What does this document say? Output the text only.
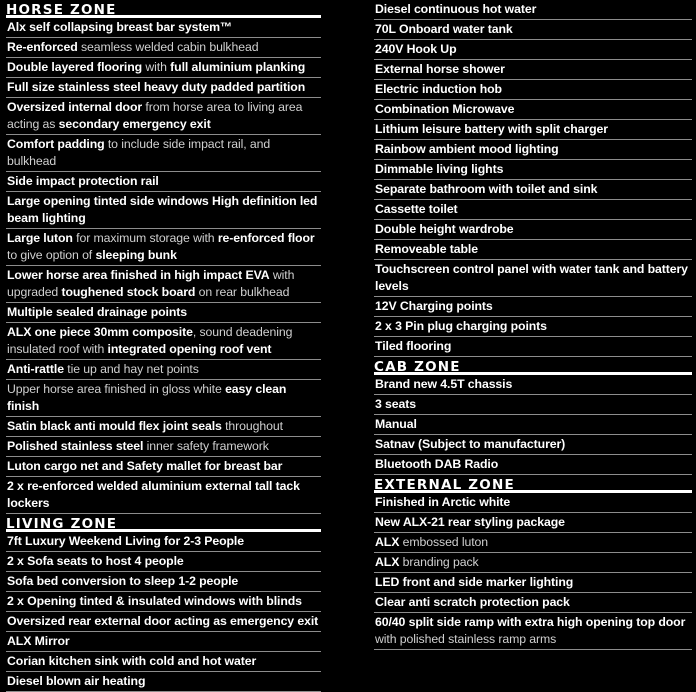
HORSE ZONE
Alx self collapsing breast bar system™
Re-enforced seamless welded cabin bulkhead
Double layered flooring with full aluminium planking
Full size stainless steel heavy duty padded partition
Oversized internal door from horse area to living area acting as secondary emergency exit
Comfort padding to include side impact rail, and bulkhead
Side impact protection rail
Large opening tinted side windows High definition led beam lighting
Large luton for maximum storage with re-enforced floor to give option of sleeping bunk
Lower horse area finished in high impact EVA with upgraded toughened stock board on rear bulkhead
Multiple sealed drainage points
ALX one piece 30mm composite, sound deadening insulated roof with integrated opening roof vent
Anti-rattle tie up and hay net points
Upper horse area finished in gloss white easy clean finish
Satin black anti mould flex joint seals throughout
Polished stainless steel inner safety framework
Luton cargo net and Safety mallet for breast bar
2 x re-enforced welded aluminium external tall tack lockers
LIVING ZONE
7ft Luxury Weekend Living for 2-3 People
2 x Sofa seats to host 4 people
Sofa bed conversion to sleep 1-2 people
2 x Opening tinted & insulated windows with blinds
Oversized rear external door acting as emergency exit
ALX Mirror
Corian kitchen sink with cold and hot water
Diesel blown air heating
Diesel continuous hot water
70L Onboard water tank
240V Hook Up
External horse shower
Electric induction hob
Combination Microwave
Lithium leisure battery with split charger
Rainbow ambient mood lighting
Dimmable living lights
Separate bathroom with toilet and sink
Cassette toilet
Double height wardrobe
Removeable table
Touchscreen control panel with water tank and battery levels
12V Charging points
2 x 3 Pin plug charging points
Tiled flooring
CAB ZONE
Brand new 4.5T chassis
3 seats
Manual
Satnav (Subject to manufacturer)
Bluetooth DAB Radio
EXTERNAL ZONE
Finished in Arctic white
New ALX-21 rear styling package
ALX embossed luton
ALX branding pack
LED front and side marker lighting
Clear anti scratch protection pack
60/40 split side ramp with extra high opening top door with polished stainless ramp arms
